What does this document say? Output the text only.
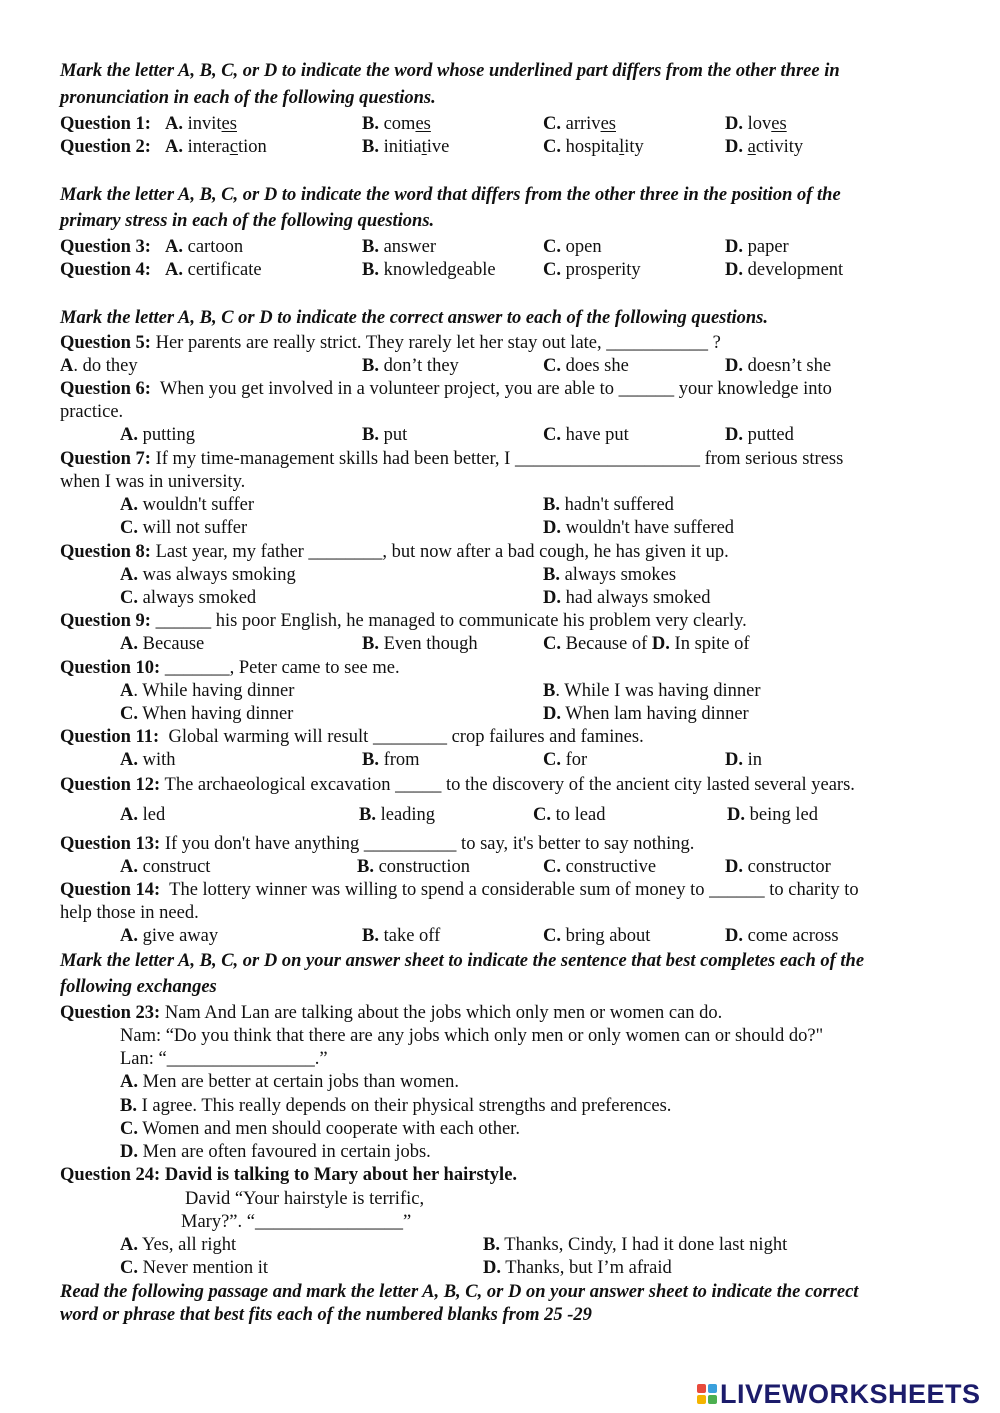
Mark the letter A, B, C, or D to indicate the word whose underlined part differs from the other three in
pronunciation in each of the following questions.
Question 1: A. invites	B. comes	C. arrives	D. loves
Question 2: A. interaction	B. initiative	C. hospitality	D. activity
Mark the letter A, B, C, or D to indicate the word that differs from the other three in the position of the
primary stress in each of the following questions.
Question 3: A. cartoon	B. answer	C. open	D. paper
Question 4: A. certificate	B. knowledgeable	C. prosperity	D. development
Mark the letter A, B, C or D to indicate the correct answer to each of the following questions.
Question 5: Her parents are really strict. They rarely let her stay out late, ___________ ?
A. do they	B. don’t they	C. does she	D. doesn’t she
Question 6: When you get involved in a volunteer project, you are able to ______ your knowledge into
practice.
A. putting	B. put	C. have put	D. putted
Question 7: If my time-management skills had been better, I ____________________ from serious stress
when I was in university.
A. wouldn't suffer	B. hadn't suffered
C. will not suffer	D. wouldn't have suffered
Question 8: Last year, my father ________, but now after a bad cough, he has given it up.
A. was always smoking	B. always smokes
C. always smoked	D. had always smoked
Question 9: ______ his poor English, he managed to communicate his problem very clearly.
A. Because	B. Even though	C. Because of D. In spite of
Question 10: _______, Peter came to see me.
A. While having dinner	B. While I was having dinner
C. When having dinner	D. When lam having dinner
Question 11: Global warming will result ________ crop failures and famines.
A. with	B. from	C. for	D. in
Question 12: The archaeological excavation _____ to the discovery of the ancient city lasted several years.
A. led	B. leading	C. to lead	D. being led
Question 13: If you don't have anything __________ to say, it's better to say nothing.
A. construct	B. construction	C. constructive	D. constructor
Question 14: The lottery winner was willing to spend a considerable sum of money to ______ to charity to
help those in need.
A. give away	B. take off	C. bring about	D. come across
Mark the letter A, B, C, or D on your answer sheet to indicate the sentence that best completes each of the
following exchanges
Question 23: Nam And Lan are talking about the jobs which only men or women can do.
Nam: “Do you think that there are any jobs which only men or only women can or should do?"
Lan: “________________.”
A. Men are better at certain jobs than women.
B. I agree. This really depends on their physical strengths and preferences.
C. Women and men should cooperate with each other.
D. Men are often favoured in certain jobs.
Question 24: David is talking to Mary about her hairstyle.
David “Your hairstyle is terrific,
Mary?”. “________________”
A. Yes, all right	B. Thanks, Cindy, I had it done last night
C. Never mention it	D. Thanks, but I’m afraid
Read the following passage and mark the letter A, B, C, or D on your answer sheet to indicate the correct
word or phrase that best fits each of the numbered blanks from 25 -29
LIVEWORKSHEETS
